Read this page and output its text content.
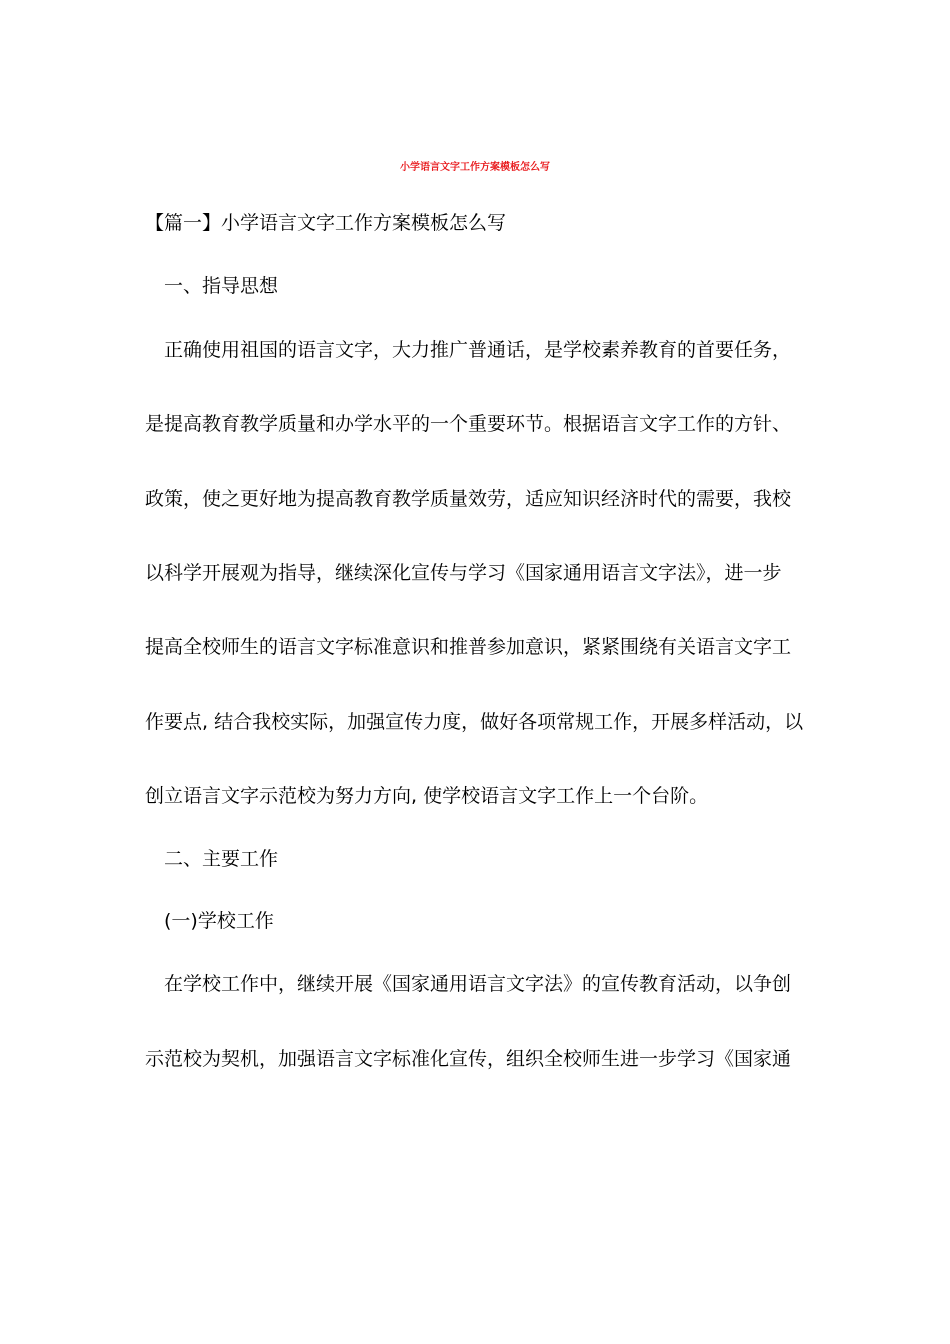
小学语言文字工作方案模板怎么写
【篇一】小学语言文字工作方案模板怎么写
一、指导思想
正确使用祖国的语言文字，大力推广普通话，是学校素养教育的首要任务，
是提高教育教学质量和办学水平的一个重要环节。根据语言文字工作的方针、
政策，使之更好地为提高教育教学质量效劳，适应知识经济时代的需要，我校
以科学开展观为指导，继续深化宣传与学习《国家通用语言文字法》，进一步
提高全校师生的语言文字标准意识和推普参加意识，紧紧围绕有关语言文字工
作要点, 结合我校实际，加强宣传力度，做好各项常规工作，开展多样活动，以
创立语言文字示范校为努力方向, 使学校语言文字工作上一个台阶。
二、主要工作
(一)学校工作
在学校工作中，继续开展《国家通用语言文字法》的宣传教育活动，以争创
示范校为契机，加强语言文字标准化宣传，组织全校师生进一步学习《国家通
